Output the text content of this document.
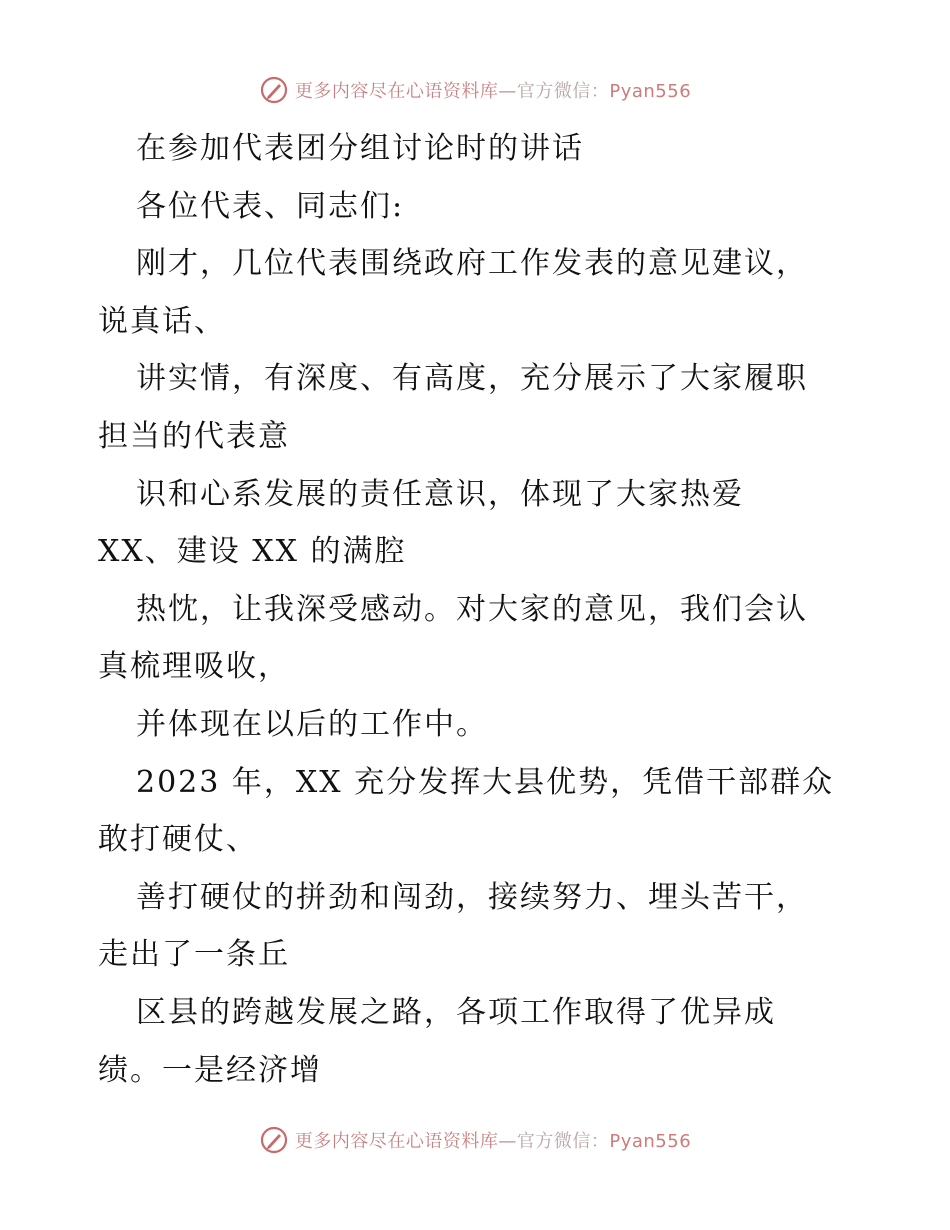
更多内容尽在心语资料库—官方微信：Pyan556
在参加代表团分组讨论时的讲话
各位代表、同志们:
刚才，几位代表围绕政府工作发表的意见建议，
说真话、
讲实情，有深度、有高度，充分展示了大家履职
担当的代表意
识和心系发展的责任意识，体现了大家热爱
XX、建设 XX 的满腔
热忱，让我深受感动。对大家的意见，我们会认
真梳理吸收，
并体现在以后的工作中。
2023 年，XX 充分发挥大县优势，凭借干部群众
敢打硬仗、
善打硬仗的拼劲和闯劲，接续努力、埋头苦干，
走出了一条丘
区县的跨越发展之路，各项工作取得了优异成
绩。一是经济增
更多内容尽在心语资料库—官方微信：Pyan556
